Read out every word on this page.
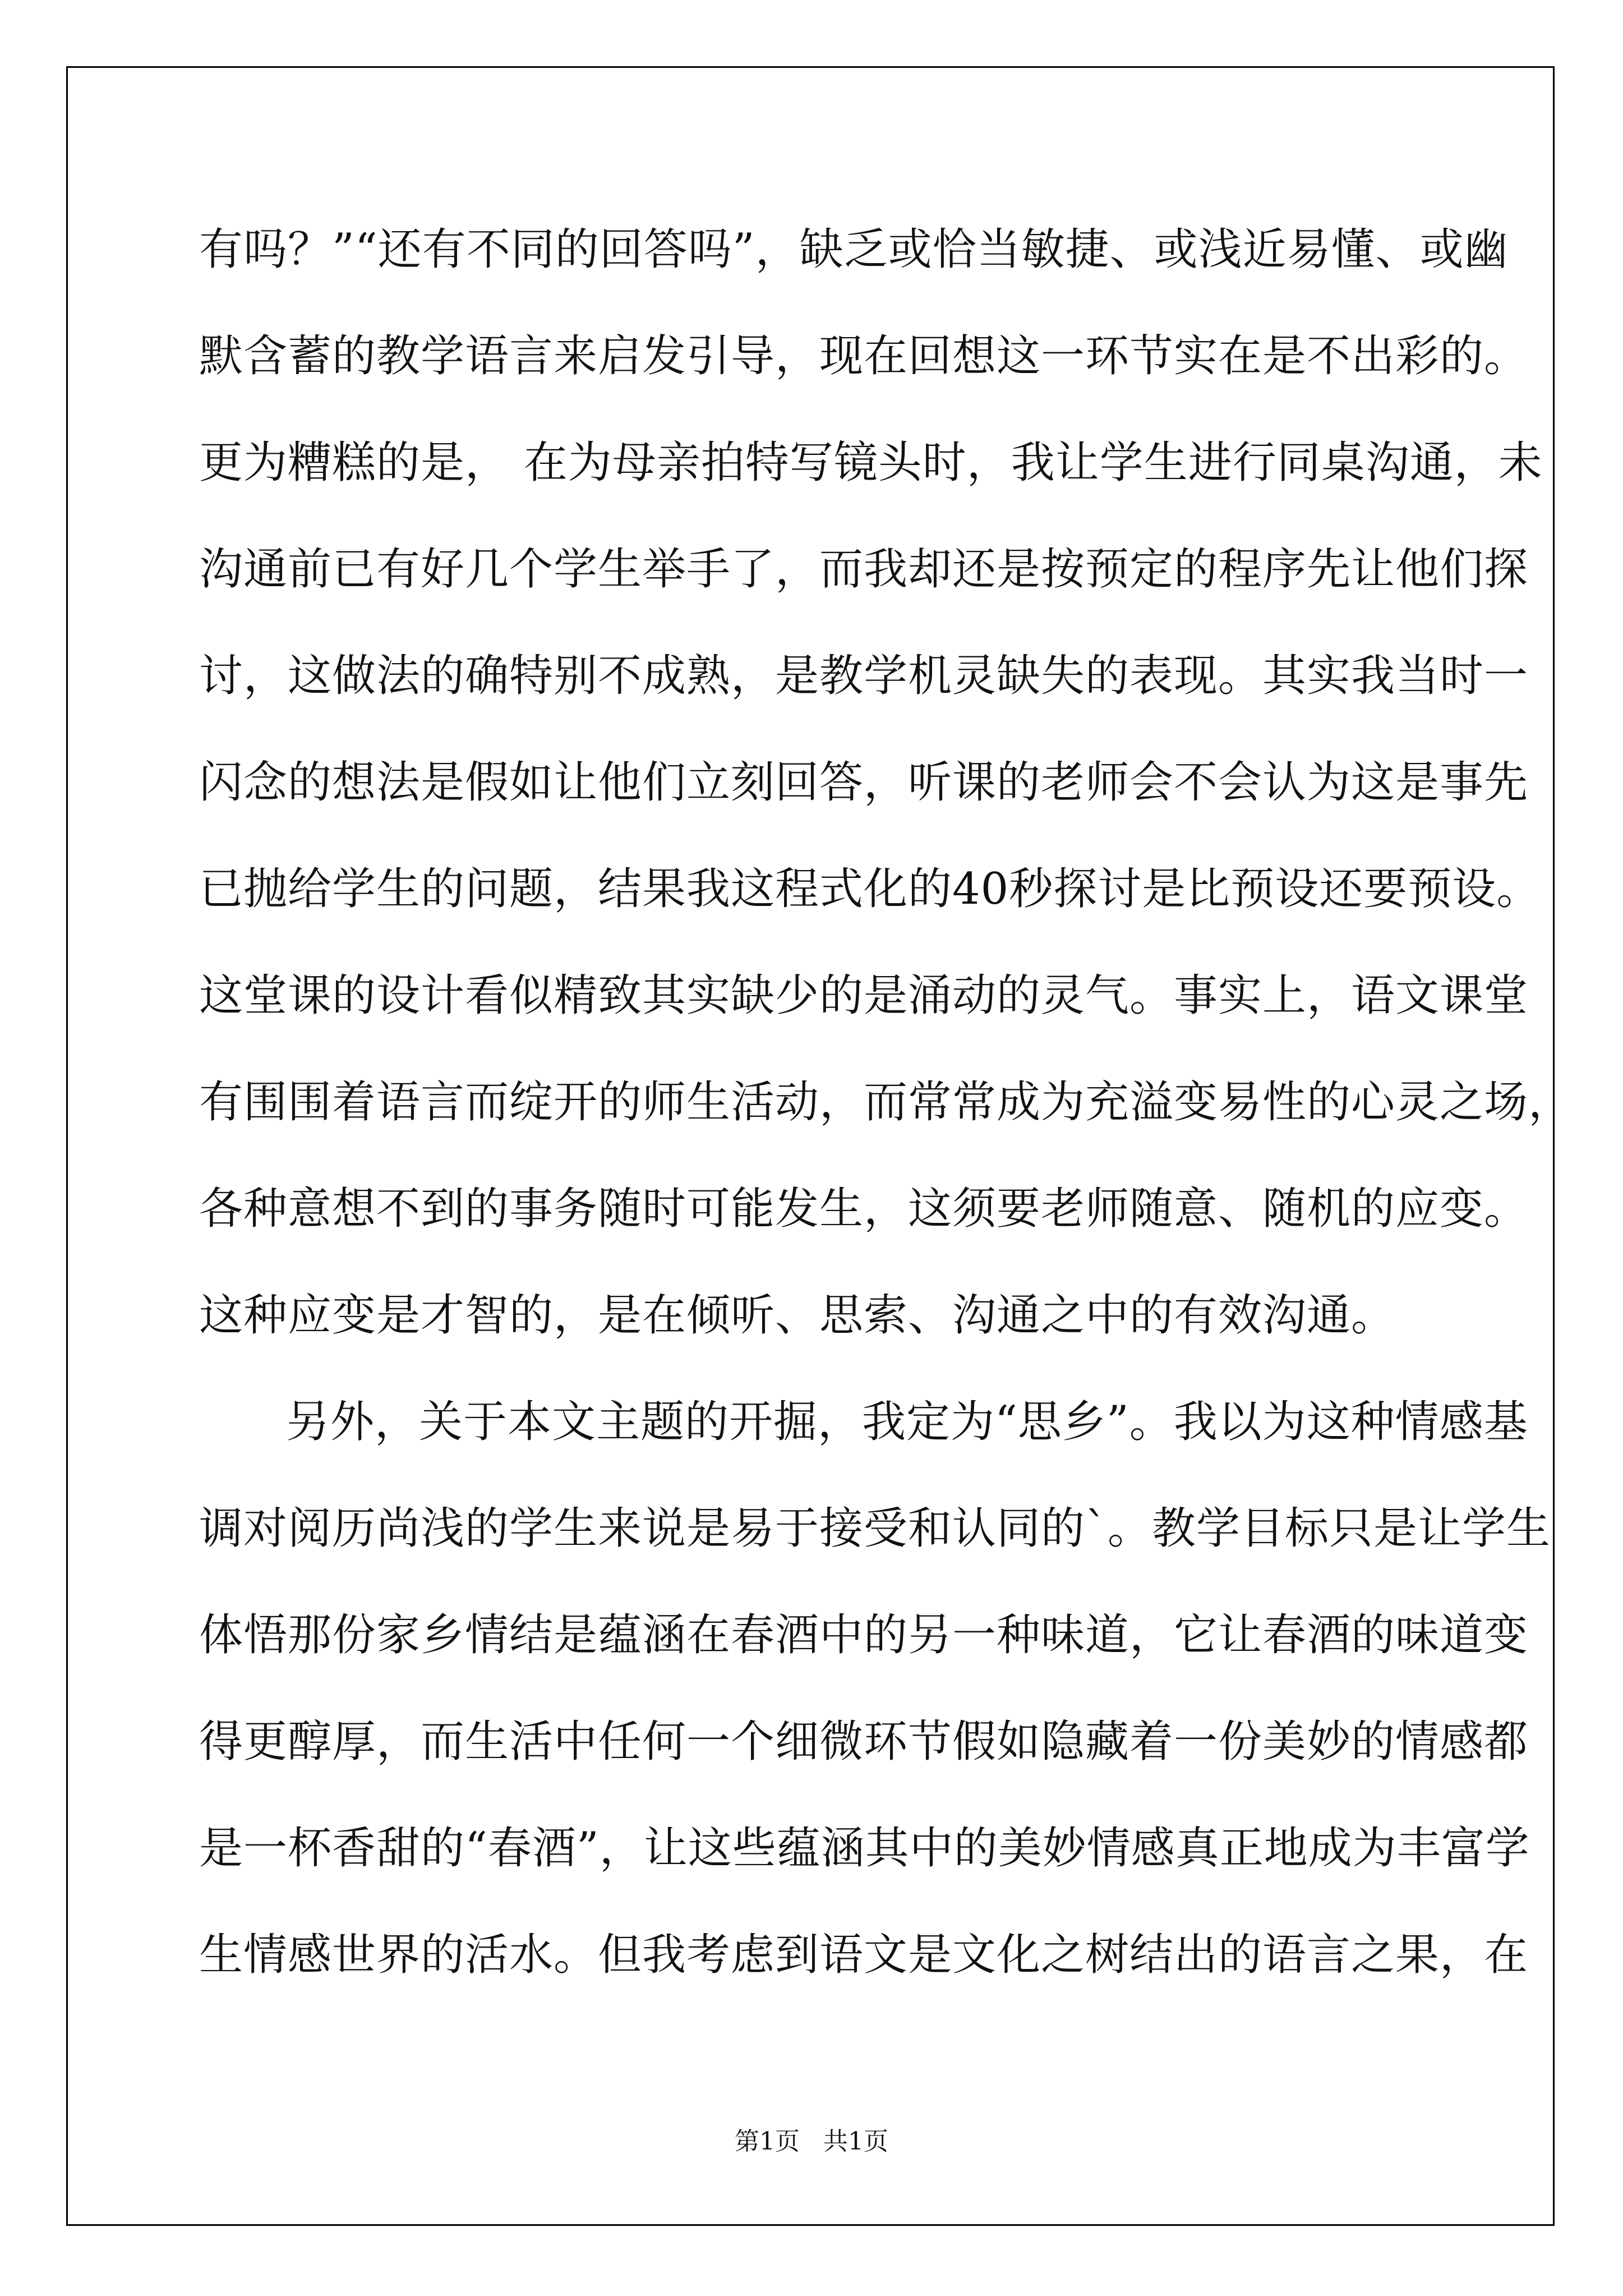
有吗？”“还有不同的回答吗”，缺乏或恰当敏捷、或浅近易懂、或幽
默含蓄的教学语言来启发引导，现在回想这一环节实在是不出彩的。
更为糟糕的是， 在为母亲拍特写镜头时，我让学生进行同桌沟通，未
沟通前已有好几个学生举手了，而我却还是按预定的程序先让他们探
讨，这做法的确特别不成熟，是教学机灵缺失的表现。其实我当时一
闪念的想法是假如让他们立刻回答，听课的老师会不会认为这是事先
已抛给学生的问题，结果我这程式化的40秒探讨是比预设还要预设。
这堂课的设计看似精致其实缺少的是涌动的灵气。事实上，语文课堂
有围围着语言而绽开的师生活动，而常常成为充溢变易性的心灵之场，
各种意想不到的事务随时可能发生，这须要老师随意、随机的应变。
这种应变是才智的，是在倾听、思索、沟通之中的有效沟通。
另外，关于本文主题的开掘，我定为“思乡”。我以为这种情感基
调对阅历尚浅的学生来说是易于接受和认同的`。教学目标只是让学生
体悟那份家乡情结是蕴涵在春酒中的另一种味道，它让春酒的味道变
得更醇厚，而生活中任何一个细微环节假如隐藏着一份美妙的情感都
是一杯香甜的“春酒”，让这些蕴涵其中的美妙情感真正地成为丰富学
生情感世界的活水。但我考虑到语文是文化之树结出的语言之果，在
第1页 共1页
